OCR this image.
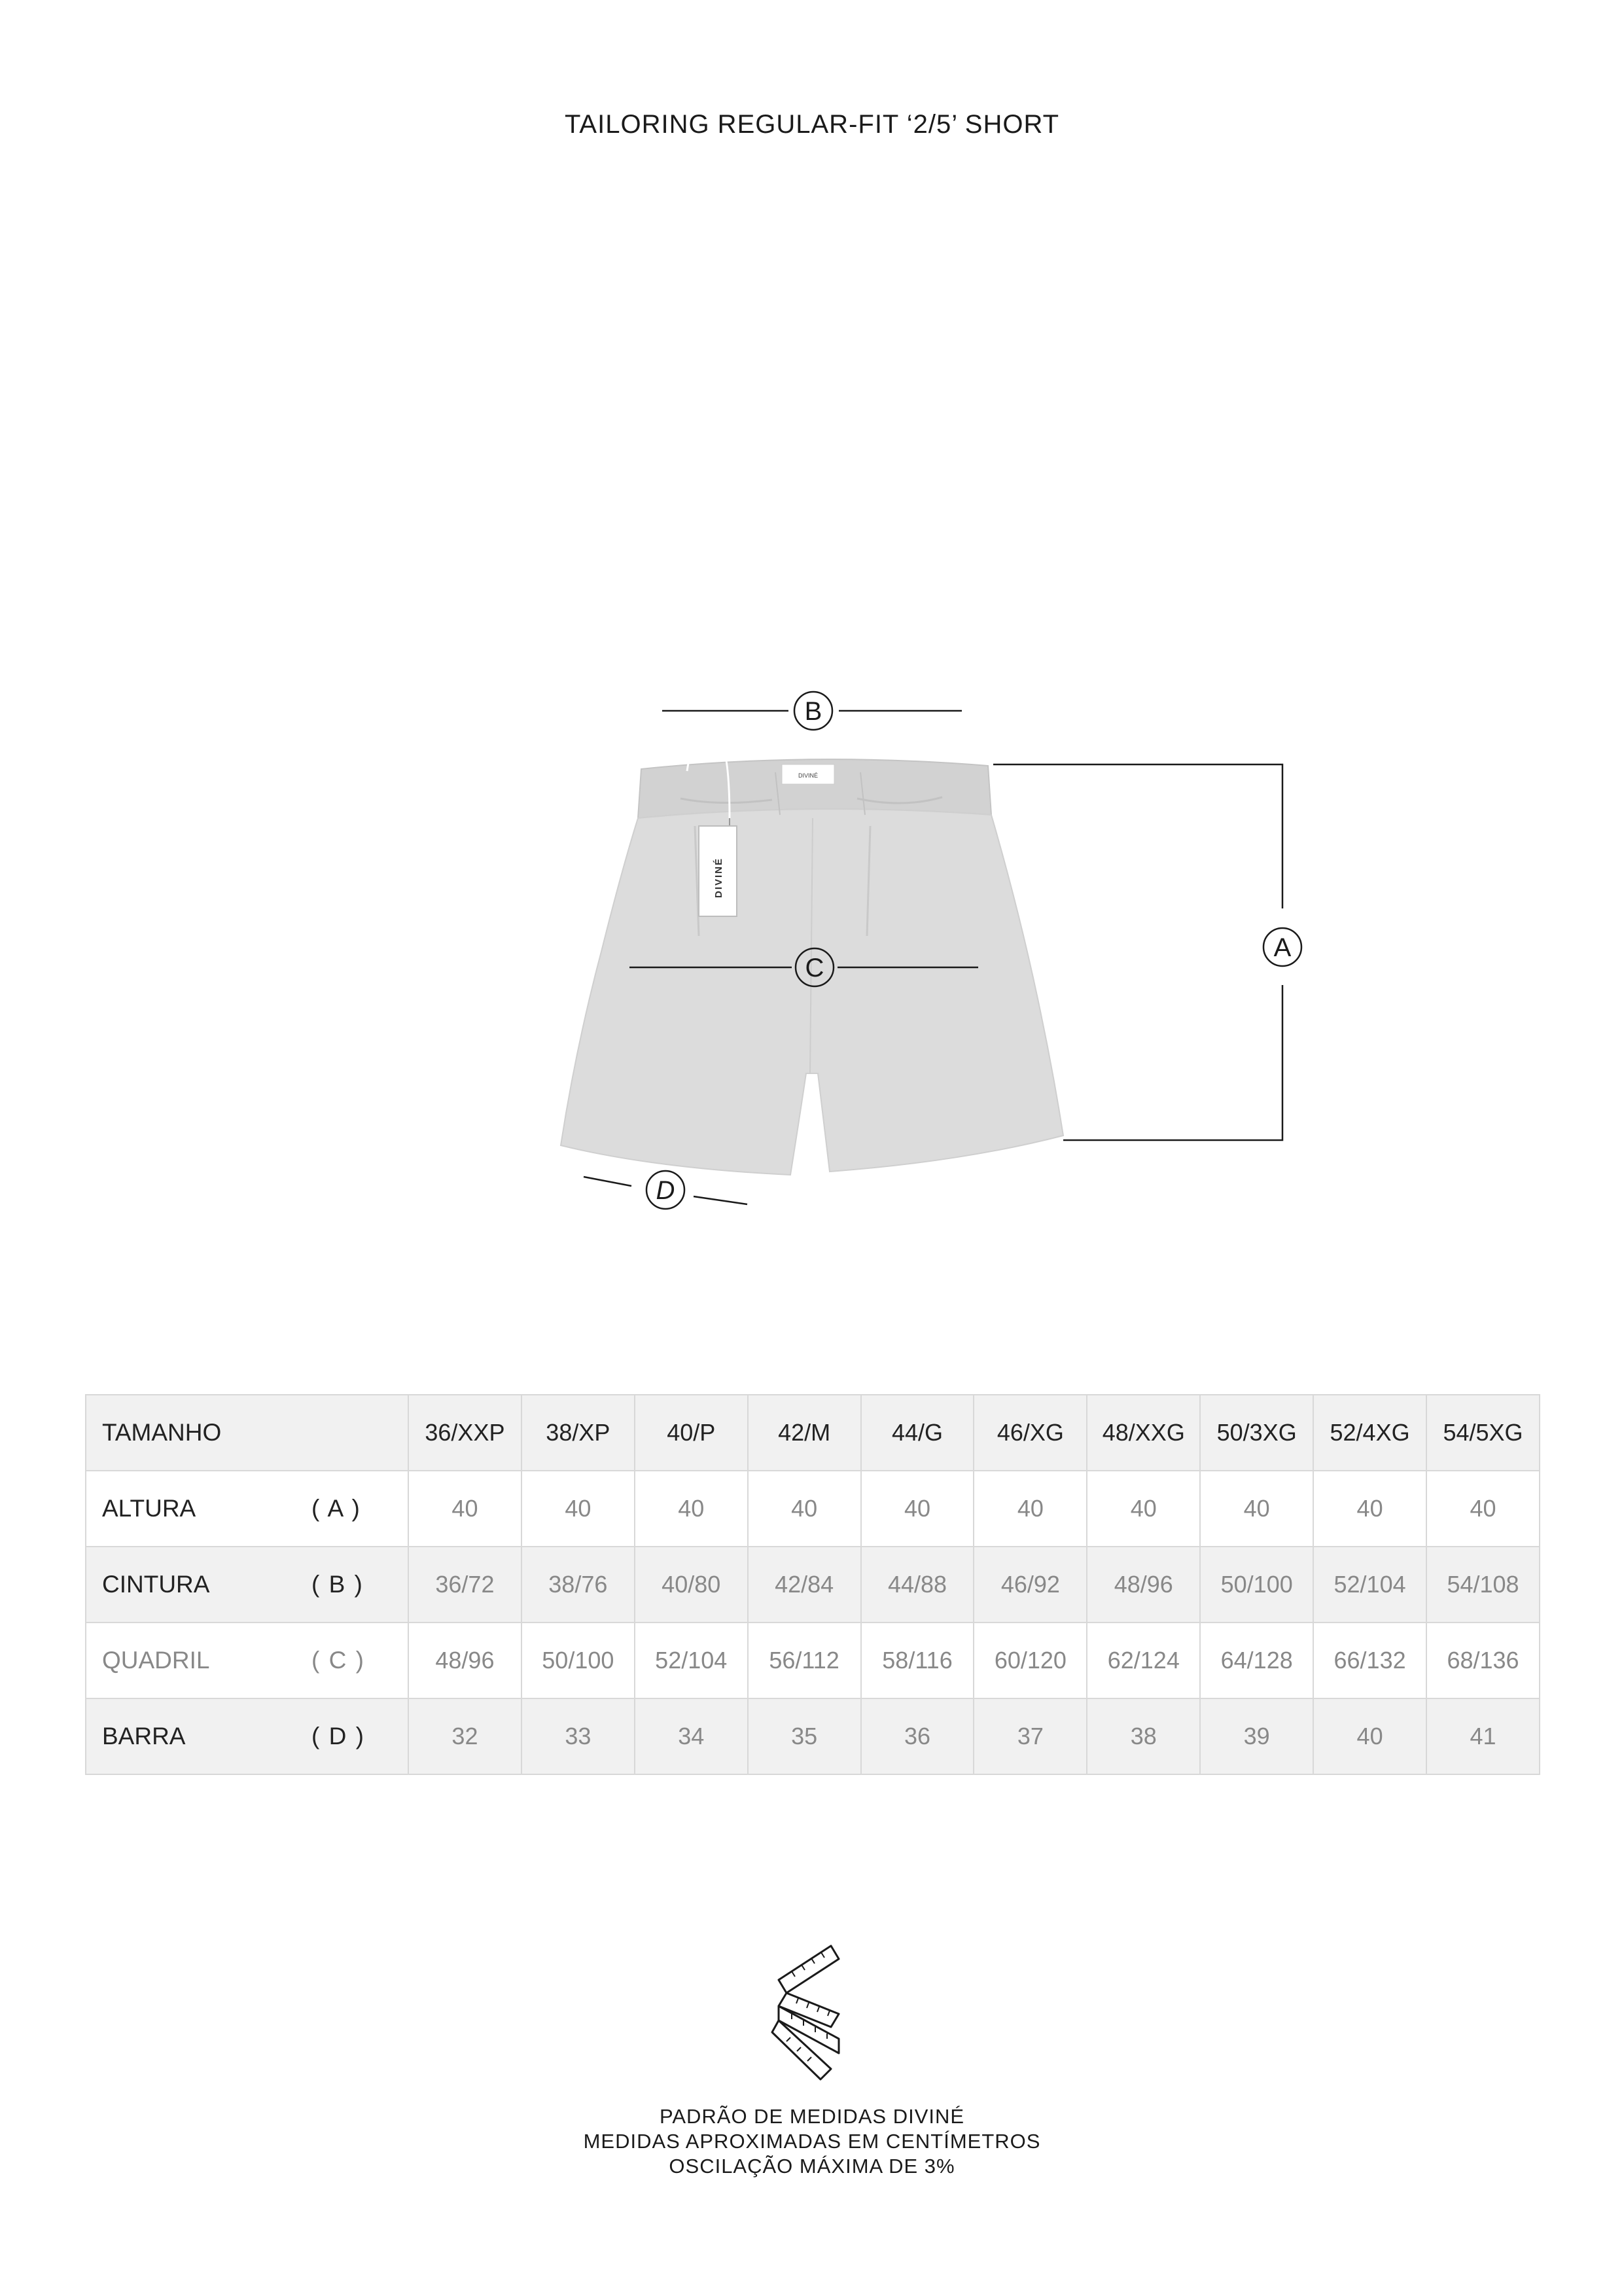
TAILORING REGULAR-FIT ‘2/5’ SHORT
DIVINÉ
DIVINÉ
B
C
A
D
TAMANHO	36/XXP	38/XP	40/P	42/M	44/G	46/XG	48/XXG	50/3XG	52/4XG	54/5XG

ALTURA ( A )	40	40	40	40	40	40	40	40	40	40

CINTURA ( B )	36/72	38/76	40/80	42/84	44/88	46/92	48/96	50/100	52/104	54/108

QUADRIL ( C )	48/96	50/100	52/104	56/112	58/116	60/120	62/124	64/128	66/132	68/136

BARRA ( D )	32	33	34	35	36	37	38	39	40	41
PADRÃO DE MEDIDAS DIVINÉ
MEDIDAS APROXIMADAS EM CENTÍMETROS
OSCILAÇÃO MÁXIMA DE 3%
